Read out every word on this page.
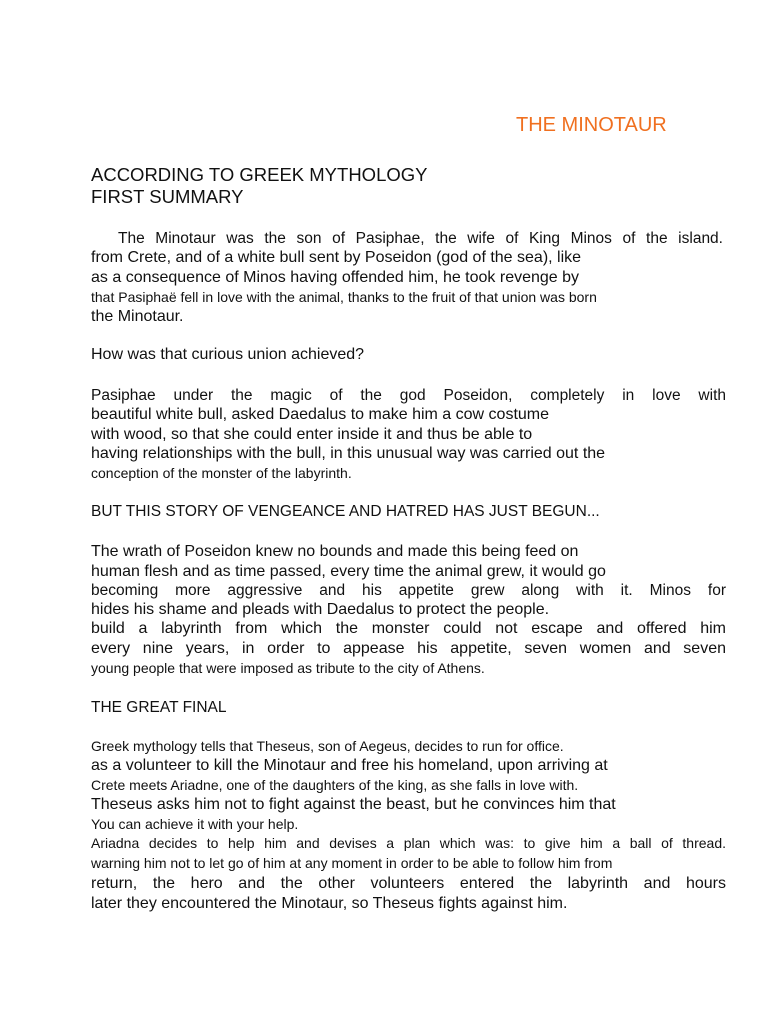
THE MINOTAUR
ACCORDING TO GREEK MYTHOLOGY
FIRST SUMMARY
The Minotaur was the son of Pasiphae, the wife of King Minos of the island.
from Crete, and of a white bull sent by Poseidon (god of the sea), like
as a consequence of Minos having offended him, he took revenge by
that Pasiphaë fell in love with the animal, thanks to the fruit of that union was born
the Minotaur.
How was that curious union achieved?
Pasiphae under the magic of the god Poseidon, completely in love with
beautiful white bull, asked Daedalus to make him a cow costume
with wood, so that she could enter inside it and thus be able to
having relationships with the bull, in this unusual way was carried out the
conception of the monster of the labyrinth.
BUT THIS STORY OF VENGEANCE AND HATRED HAS JUST BEGUN...
The wrath of Poseidon knew no bounds and made this being feed on
human flesh and as time passed, every time the animal grew, it would go
becoming more aggressive and his appetite grew along with it. Minos for
hides his shame and pleads with Daedalus to protect the people.
build a labyrinth from which the monster could not escape and offered him
every nine years, in order to appease his appetite, seven women and seven
young people that were imposed as tribute to the city of Athens.
THE GREAT FINAL
Greek mythology tells that Theseus, son of Aegeus, decides to run for office.
as a volunteer to kill the Minotaur and free his homeland, upon arriving at
Crete meets Ariadne, one of the daughters of the king, as she falls in love with.
Theseus asks him not to fight against the beast, but he convinces him that
You can achieve it with your help.
Ariadna decides to help him and devises a plan which was: to give him a ball of thread.
warning him not to let go of him at any moment in order to be able to follow him from
return, the hero and the other volunteers entered the labyrinth and hours
later they encountered the Minotaur, so Theseus fights against him.
